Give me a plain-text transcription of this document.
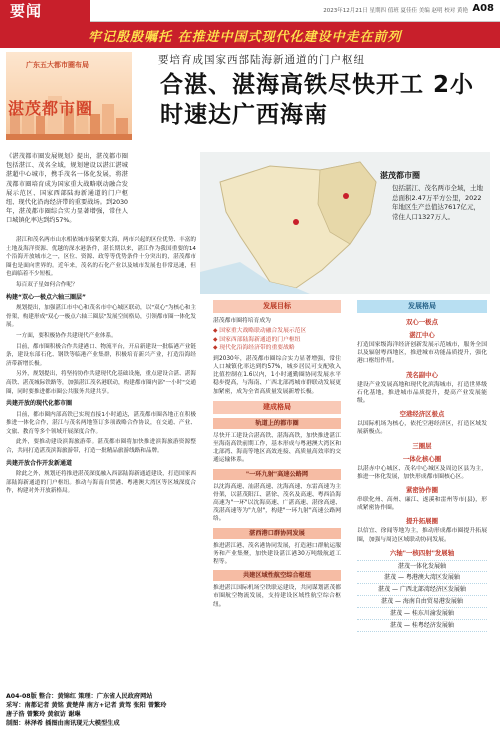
要闻	2023年12月21日 星期四 值班 夏佳佳 美编 赵明 校对 黄艳 A08
牢记殷殷嘱托 在推进中国式现代化建设中走在前列
广东五大都市圈布局
湛茂都市圈
要培育成国家西部陆海新通道的门户枢纽
合湛、湛海高铁尽快开工 2小时速达广西海南
《湛茂都市圈发展规划》提出，湛茂都市圈包括湛江、茂名全域，规划建设以湛江湛城湛超中心城市，携手茂名一体化发展，将湛茂都市圈培育成为国家重大战略联动融合发展示范区、国家西部陆海新通道的门户枢纽、现代化沿海经济带的重要战场。到2030年，湛茂都市圈综合实力显著增强，常住人口城镇化率达到约57%。
湛茂都市圈
包括湛江、茂名两市全域，土地总面积2.47万平方公里，2022年地区生产总值达7617亿元，常住人口1327万人。

湛江和茂名两市山水相依城市接紧要大海，两市兴起的区位优势、丰富的土地及海洋资源、优越的深水港条件，湛长期以来，湛江作为我国重要的14个沿海开放城市之一，区位、资源、政等等优势条件十分突出的，湛茂都市圈也是面向世界的。近年来，茂名的石化产业以及城市发展也非常迅速，但也面临着不少短板。

毎百双子星如何合作呢？

构建“双心一极点六轴三圈层”

规划提出，加强湛江市中心和茂名市中心城区联动，以"双心"为核心和主骨架，构建形成"双心一极点六轴三圈层"发展空间格局，引领都市圈一体化发展。

一方面，要积极协作共建现代产业体系。

目前，都市圈积极合作共建港口、物流平台，开启新建设一批临港产业链条，建设东部石化、钢铁等临港产业集群，积极培育新兴产业，打造沿海经济带新增长极。

另外，规划提出，将坚持协作共建现代化基础设施，重点建设合湛、湛海高铁、湛茂城际铁路等，加强湛江茂名港联动，构建都市圈内部"一小时"交通圈，同时要推进都市圈公共服务共建共享。

共建开放的现代化都市圈

目前，都市圈内部高铁已实现直接1小时通达，湛茂都市圈各地正在积极推进一体化合作，湛江与茂名两地签订多项战略合作协议，在交通、产业、文旅、教育等多个领域开展深度合作。

此外，要推动建设滨海旅游带。湛茂都市圈将加快推进滨海旅游资源整合，共同打造湛茂滨海旅游带，打造一批精品旅游线路和品牌。

共建开放合作开发新通道

除此之外，规划还将推进湛茂深度融入西部陆海新通道建设，打造国家西部陆海新通道的门户枢纽。推动与海南自贸港、粤港澳大湾区等区域深度合作，构建对外开放新格局。

A04-08版 整合：黄锦红 策理：广东省人民政府网站
采写：南都记者 黄铭 黄楚萍 南方+记者 黄驾 张阳 曾繁玲
唐子浩 曾繁玲 黄叙访 谢琳
制图：林泽希 插图由南讯现元大模型生成
发展目标
湛茂都市圈将培育成为
◆ 国家重大战略联动融合发展示范区
◆ 国家西部陆海新通道的门户枢纽
◆ 现代化沿海经济带的重要战略
到2030年，湛茂都市圈综合实力显著增强，常住人口城镇化率达到约57%，城乡居民可支配收入比值控制在1.6以内，1小时通勤圈协同发展水平稳步提高，与海南、广西北部湾城市群联动发展更加紧密，成为全省高质量发展新增长极。
建成格局
轨道上的都市圈
尽快开工建设合湛高铁、湛海高铁，加快推进湛江至海南高铁前期工作，基本形成与粤港澳大湾区和北部湾、海南等地区高效连接、高质量高效率的交通运输体系。
"一环九射"高速公路网
以沈海高速、汕湛高速、沈海高速、东雷高速为主骨架，以湛茂阳江、湛徐、茂名及高速、粤西沿海高速为"一环"以沈海高速、广湛高速、湛徐高速、茂湛高速等为"九射"，构建"一环九射"高速公路网络。
湛西港口群协同发展
推进湛江港、茂名港协同发展，打造港口群航运服务和产业集聚，加快建设湛江港30万吨级航道工程等。
共建区域性航空综合枢纽
推进湛江国际机场空铁联运建设，共同谋划湛茂都市圈航空物流发展，支持建设区域性航空综合枢纽。
发展格局
双心一极点
湛江中心
打造国家级海洋经济创新发展示范城市，服务全国以及辐射粤西地区，推进城市功能品质提升，强化港口枢纽作用。
茂名副中心
建设产业发展高地和现代化滨海城市，打造世界级石化基地，推进城市品质提升，提高产业发展能级。
空港经济区极点
以国际机场为核心，依托空港经济区，打造区域发展新极点。
三圈层
一体化核心圈
以湛赤中心城区、茂名中心城区及周边区县为主，推进一体化发展，加快形成都市圈核心区。
紧密协作圈
串联化州、高州、廉江、遂溪和雷州等市(县)，形成紧密协作圈。
提升拓展圈
以信宜、徐闻等地为主，推动形成都市圈提升拓展圈，加强与周边区域联动协同发展。
六轴"一核四射"发展轴
湛茂一体化发展轴
湛茂 — 粤港澳大湾区发展轴
湛茂 — 广西北部湾经济区发展轴
湛茂 — 海南自由贸易港发展轴
湛茂 — 桂东川渝发展轴
湛茂 — 桂粤经济发展轴
